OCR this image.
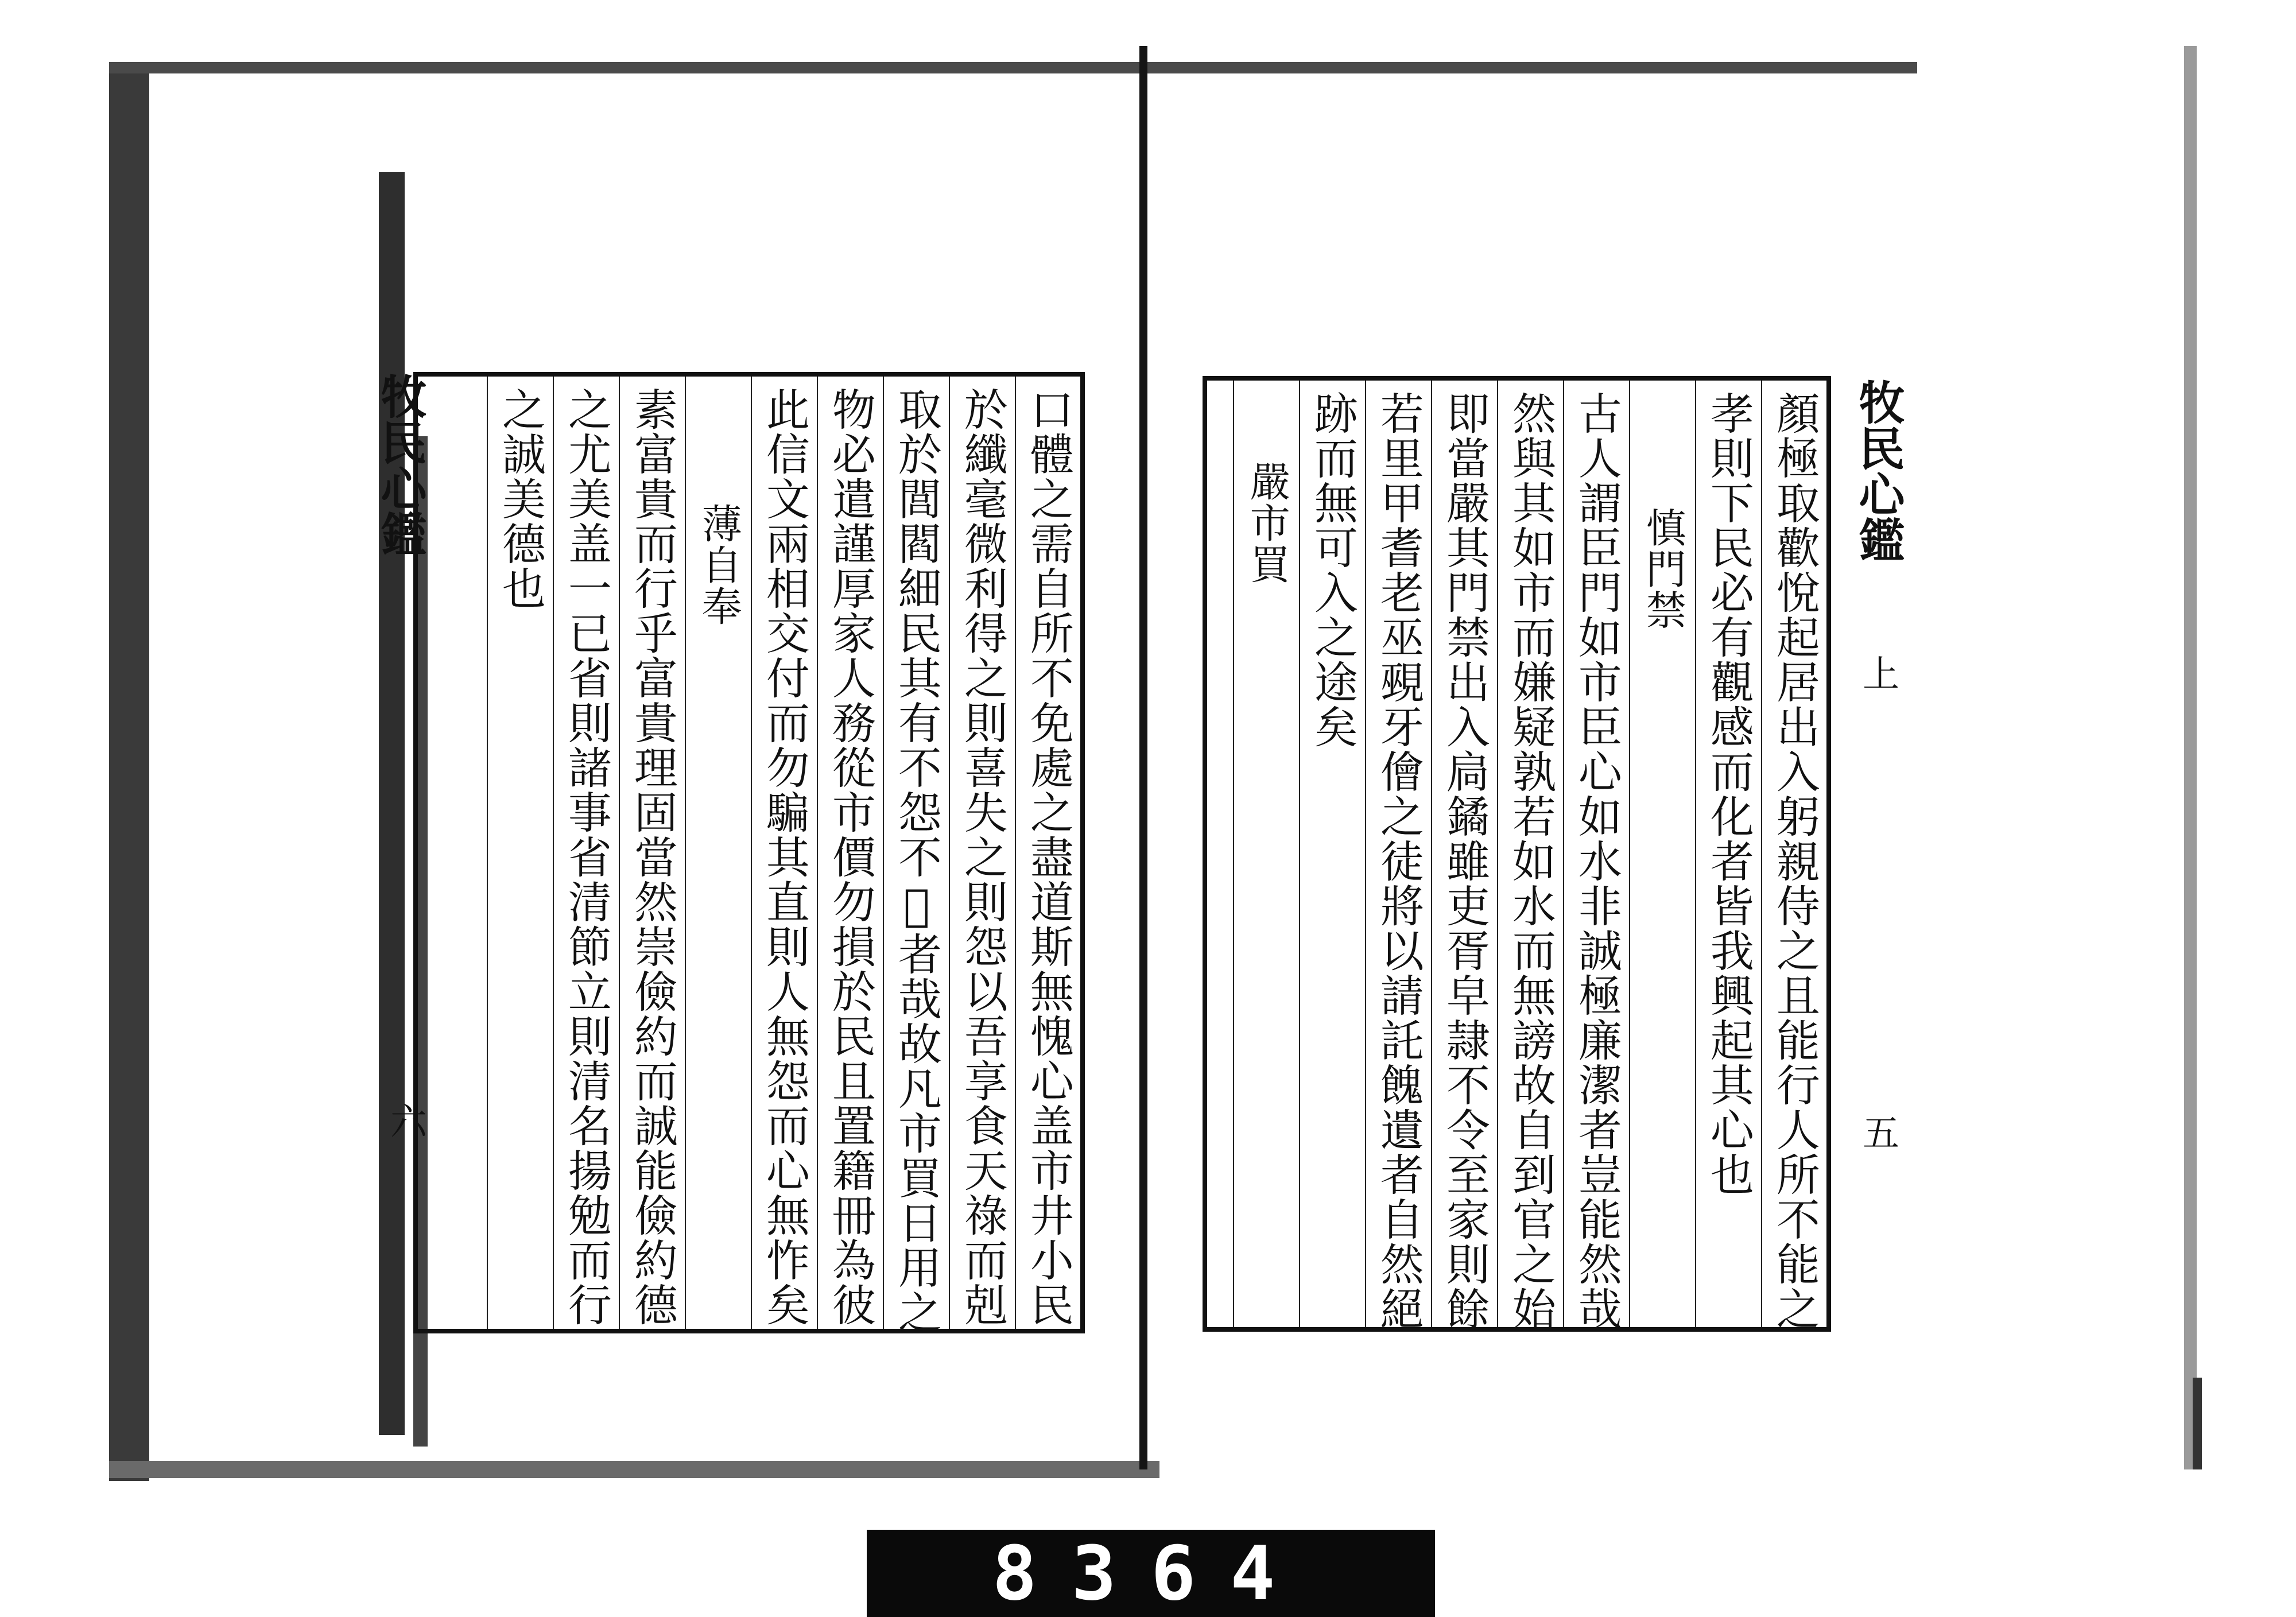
牧民心鑑
六	口體之需自所不免處之盡道斯無愧心盖市井小民
於纖毫微利得之則喜失之則怨以吾享食天祿而剋
取於閭閻細民其有不怨不𧶼者哉故凡市買日用之
物必遣謹厚家人務從市價勿損於民且置籍冊為彼
此信文兩相交付而勿騙其直則人無怨而心無怍矣
薄自奉
素富貴而行乎富貴理固當然崇儉約而誠能儉約德
之尤美盖一已省則諸事省清節立則清名揚勉而行
之誠美德也	顏極取歡悅起居出入躬親侍之且能行人所不能之
孝則下民必有觀感而化者皆我興起其心也
慎門禁
古人謂臣門如市臣心如水非誠極廉潔者豈能然哉
然與其如市而嫌疑孰若如水而無謗故自到官之始
即當嚴其門禁出入扃鐍雖吏胥皁隷不令至家則餘
若里甲耆老巫覡牙儈之徒將以請託餽遺者自然絕
跡而無可入之途矣
嚴市買	牧民心鑑
上
五
8364
